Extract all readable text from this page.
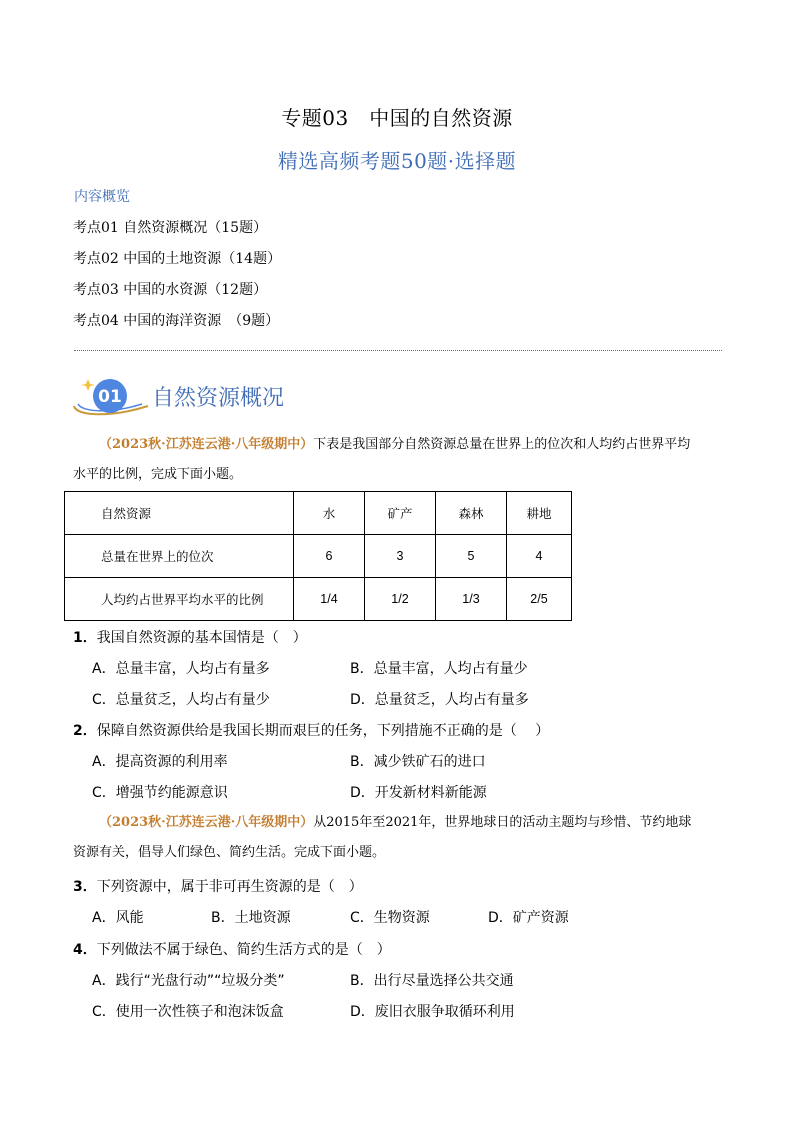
专题03　中国的自然资源
精选高频考题50题·选择题
内容概览
考点01 自然资源概况（15题）
考点02 中国的土地资源（14题）
考点03 中国的水资源（12题）
考点04 中国的海洋资源　（9题）
01 自然资源概况
（2023秋·江苏连云港·八年级期中）下表是我国部分自然资源总量在世界上的位次和人均约占世界平均
水平的比例，完成下面小题。
自然资源	水	矿产	森林	耕地
总量在世界上的位次	6	3	5	4
人均约占世界平均水平的比例	1/4	1/2	1/3	2/5
1．我国自然资源的基本国情是（　）
A．总量丰富，人均占有量多	B．总量丰富，人均占有量少
C．总量贫乏，人均占有量少	D．总量贫乏，人均占有量多
2．保障自然资源供给是我国长期而艰巨的任务，下列措施不正确的是（　 ）
A．提高资源的利用率	B．减少铁矿石的进口
C．增强节约能源意识	D．开发新材料新能源
（2023秋·江苏连云港·八年级期中）从2015年至2021年，世界地球日的活动主题均与珍惜、节约地球
资源有关，倡导人们绿色、简约生活。完成下面小题。
3．下列资源中，属于非可再生资源的是（　）
A．风能	B．土地资源	C．生物资源	D．矿产资源
4．下列做法不属于绿色、简约生活方式的是（　）
A．践行“光盘行动”“垃圾分类”	B．出行尽量选择公共交通
C．使用一次性筷子和泡沫饭盒	D．废旧衣服争取循环利用
